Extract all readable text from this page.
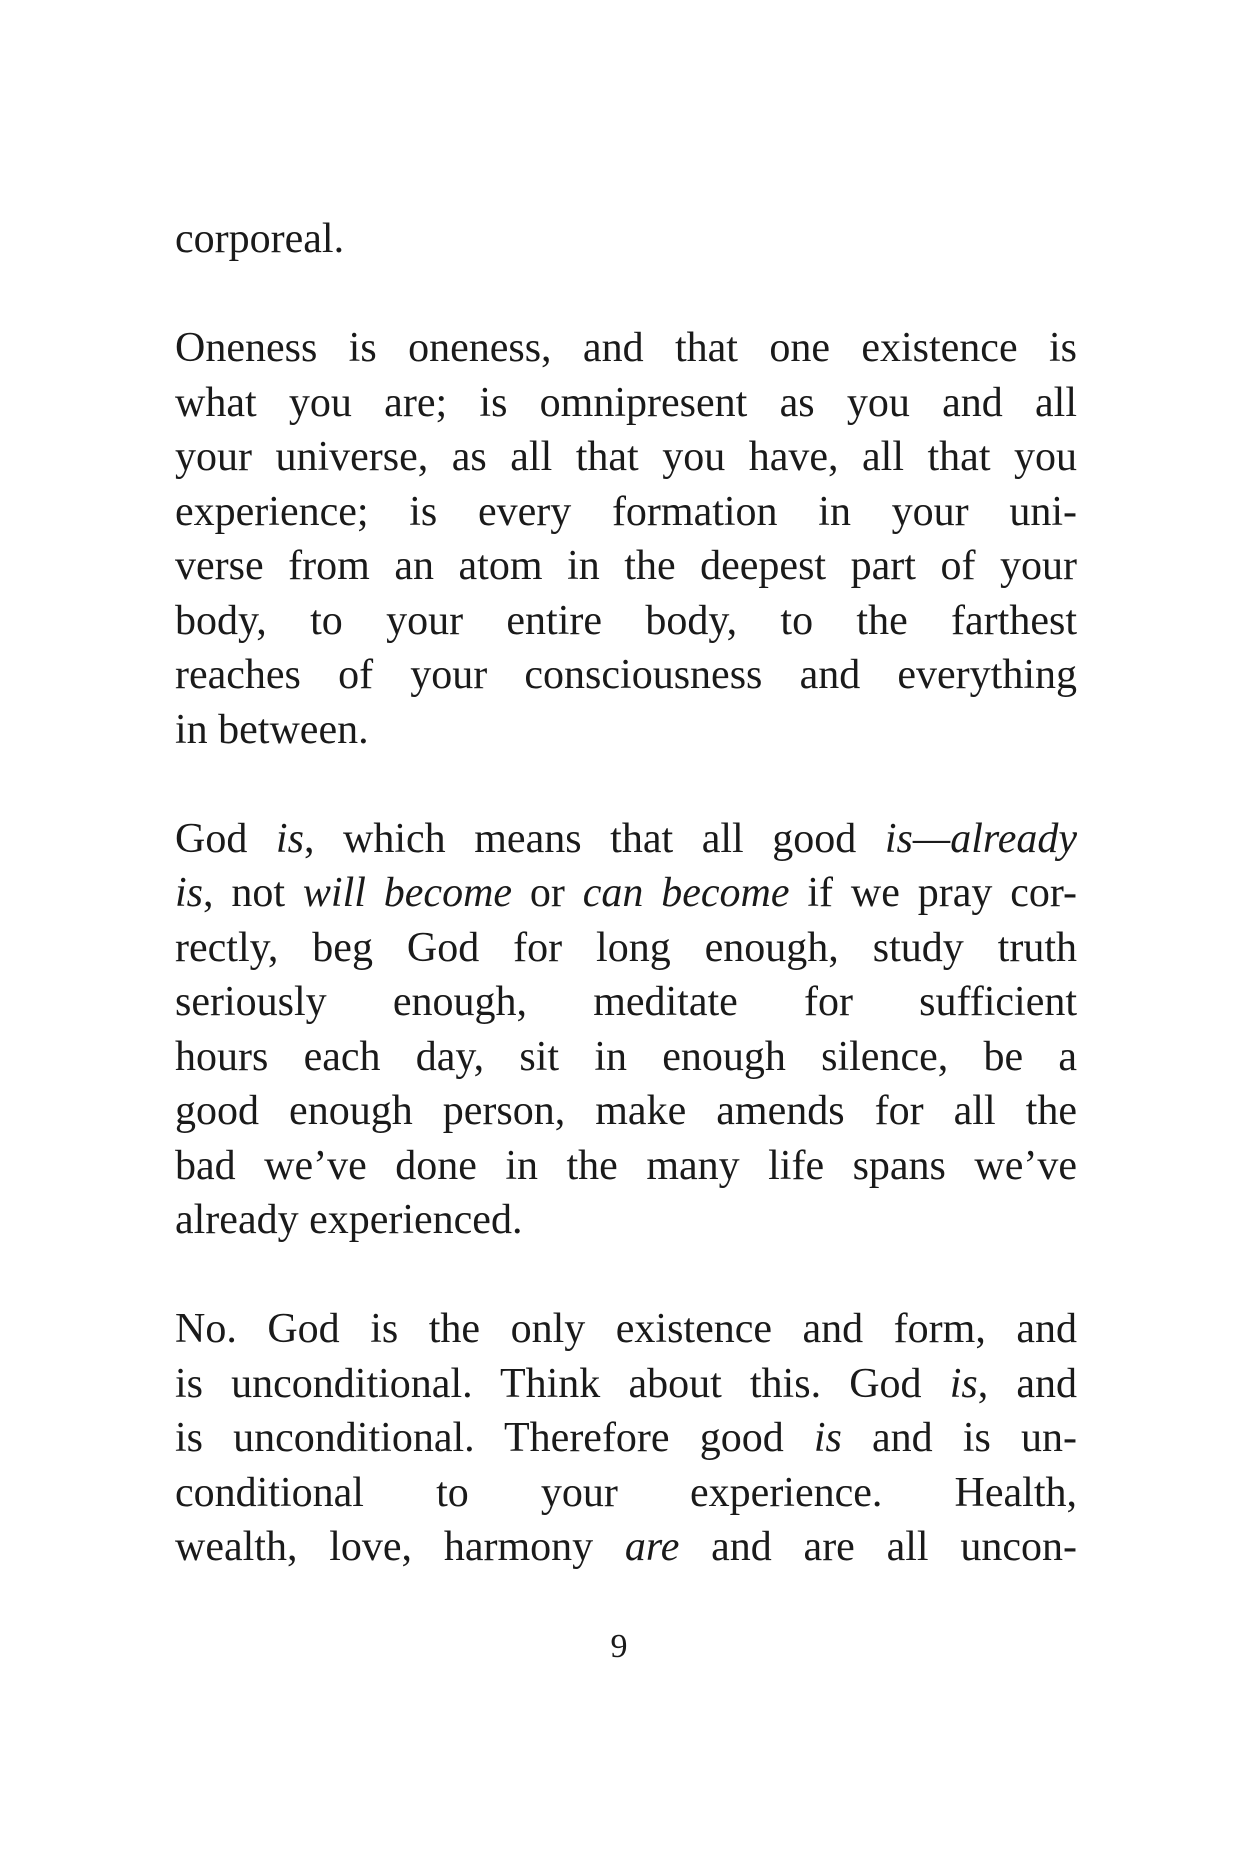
corporeal.
Oneness is oneness, and that one existence is
what you are; is omnipresent as you and all
your universe, as all that you have, all that you
experience; is every formation in your uni-
verse from an atom in the deepest part of your
body, to your entire body, to the farthest
reaches of your consciousness and everything
in between.
God is, which means that all good is—already
is, not will become or can become if we pray cor-
rectly, beg God for long enough, study truth
seriously enough, meditate for sufficient
hours each day, sit in enough silence, be a
good enough person, make amends for all the
bad we’ve done in the many life spans we’ve
already experienced.
No. God is the only existence and form, and
is unconditional. Think about this. God is, and
is unconditional. Therefore good is and is un-
conditional to your experience. Health,
wealth, love, harmony are and are all uncon-
9
